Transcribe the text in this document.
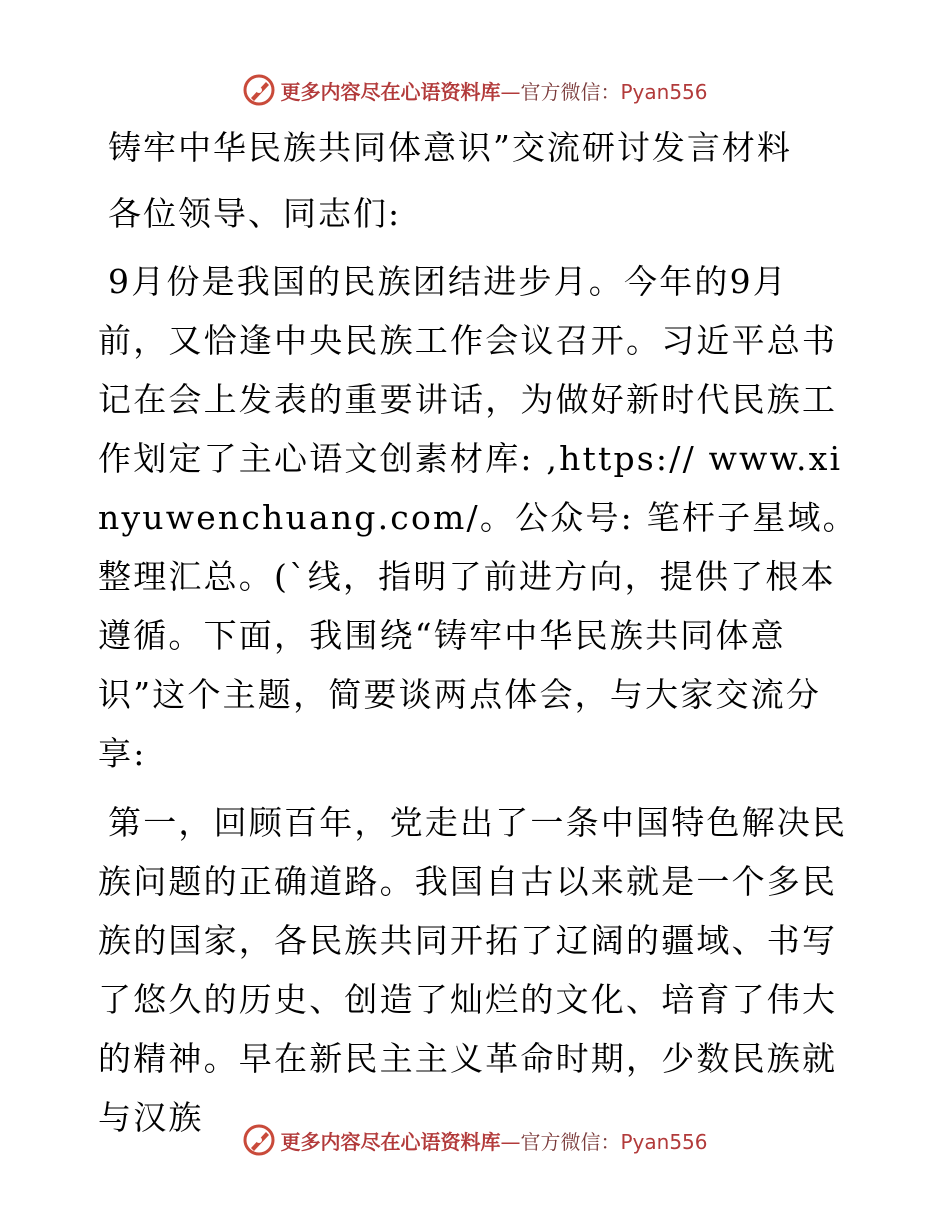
更多内容尽在心语资料库—官方微信：Pyan556
铸牢中华民族共同体意识”交流研讨发言材料
各位领导、同志们:

9月份是我国的民族团结进步月。今年的9月前，又恰逢中央民族工作会议召开。习近平总书记在会上发表的重要讲话，为做好新时代民族工作划定了主心语文创素材库: ,https:// www.xinyuwenchuang.com/。公众号: 笔杆子星域。整理汇总。(`线，指明了前进方向，提供了根本遵循。下面，我围绕“铸牢中华民族共同体意识”这个主题，简要谈两点体会，与大家交流分享:

第一，回顾百年，党走出了一条中国特色解决民族问题的正确道路。我国自古以来就是一个多民族的国家，各民族共同开拓了辽阔的疆域、书写了悠久的历史、创造了灿烂的文化、培育了伟大的精神。早在新民主主义革命时期，少数民族就与汉族

更多内容尽在心语资料库—官方微信：Pyan556
